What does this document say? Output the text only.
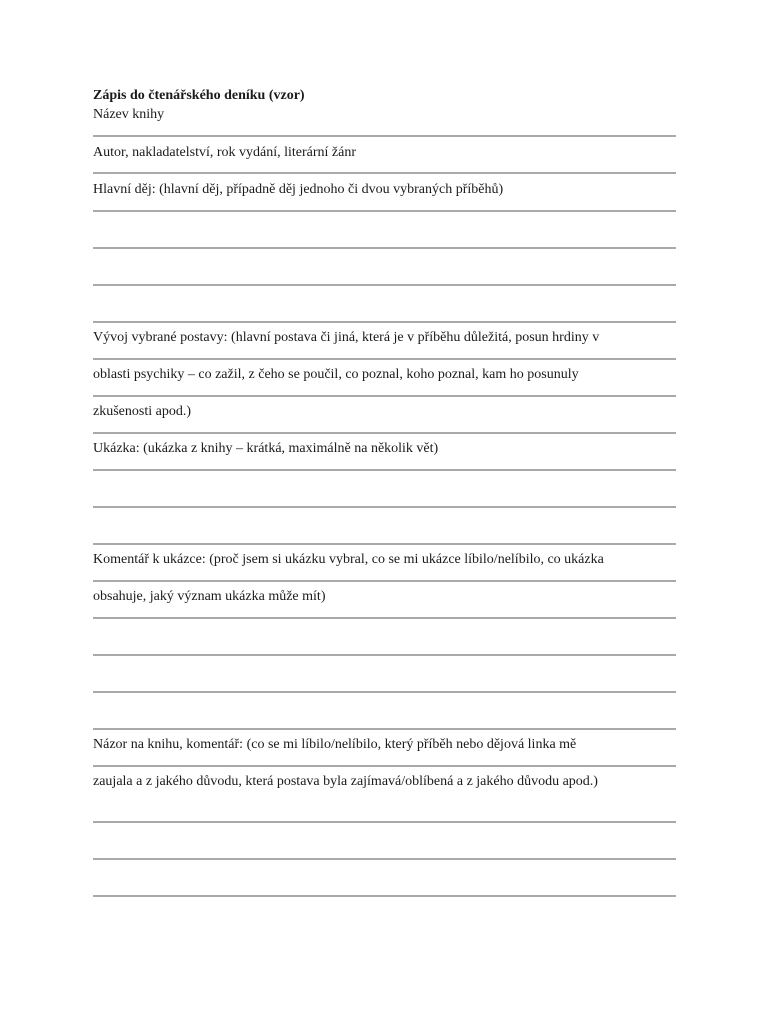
Zápis do čtenářského deníku (vzor)
Název knihy
Autor, nakladatelství, rok vydání, literární žánr
Hlavní děj: (hlavní děj, případně děj jednoho či dvou vybraných příběhů)
Vývoj vybrané postavy: (hlavní postava či jiná, která je v příběhu důležitá, posun hrdiny v
oblasti psychiky – co zažil, z čeho se poučil, co poznal, koho poznal, kam ho posunuly
zkušenosti apod.)
Ukázka: (ukázka z knihy – krátká, maximálně na několik vět)
Komentář k ukázce: (proč jsem si ukázku vybral, co se mi ukázce líbilo/nelíbilo, co ukázka
obsahuje, jaký význam ukázka může mít)
Názor na knihu, komentář: (co se mi líbilo/nelíbilo, který příběh nebo dějová linka mě
zaujala a z jakého důvodu, která postava byla zajímavá/oblíbená a z jakého důvodu apod.)
